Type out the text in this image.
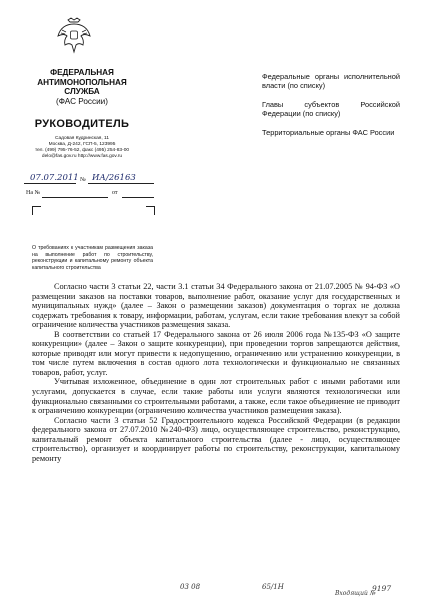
ФЕДЕРАЛЬНАЯ
АНТИМОНОПОЛЬНАЯ
СЛУЖБА
(ФАС России)
РУКОВОДИТЕЛЬ
Садовая Кудринская, 11
Москва, Д-242, ГСП-5, 123995
тел. (499) 795-76-52, факс (495) 254-83-00
delo@fas.gov.ru http://www.fas.gov.ru
07.07.2011 № ИА/26163
На №	от
Федеральные органы исполнительной власти (по списку)
Главы субъектов Российской Федерации (по списку)
Территориальные органы ФАС России
О требованиях к участникам размещения заказа на выполнение работ по строительству, реконструкции и капитальному ремонту объекта капитального строительства

Согласно части 3 статьи 22, части 3.1 статьи 34 Федерального закона от 21.07.2005 № 94-ФЗ «О размещении заказов на поставки товаров, выполнение работ, оказание услуг для государственных и муниципальных нужд» (далее – Закон о размещении заказов) документация о торгах не должна содержать требования к товару, информации, работам, услугам, если такие требования влекут за собой ограничение количества участников размещения заказа.

В соответствии со статьей 17 Федерального закона от 26 июля 2006 года №135-ФЗ «О защите конкуренции» (далее – Закон о защите конкуренции), при проведении торгов запрещаются действия, которые приводят или могут привести к недопущению, ограничению или устранению конкуренции, в том числе путем включения в состав одного лота технологически и функционально не связанных товаров, работ, услуг.

Учитывая изложенное, объединение в один лот строительных работ с иными работами или услугами, допускается в случае, если такие работы или услуги являются технологически или функционально связанными со строительными работами, а также, если такое объединение не приводит к ограничению конкуренции (ограничению количества участников размещения заказа).

Согласно части 3 статьи 52 Градостроительного кодекса Российской Федерации (в редакции федерального закона от 27.07.2010 №240-ФЗ) лицо, осуществляющее строительство, реконструкцию, капитальный ремонт объекта капитального строительства (далее - лицо, осуществляющее строительство), организует и координирует работы по строительству, реконструкции, капитальному ремонту

03 08	65/1Н
Входящий №
9197
